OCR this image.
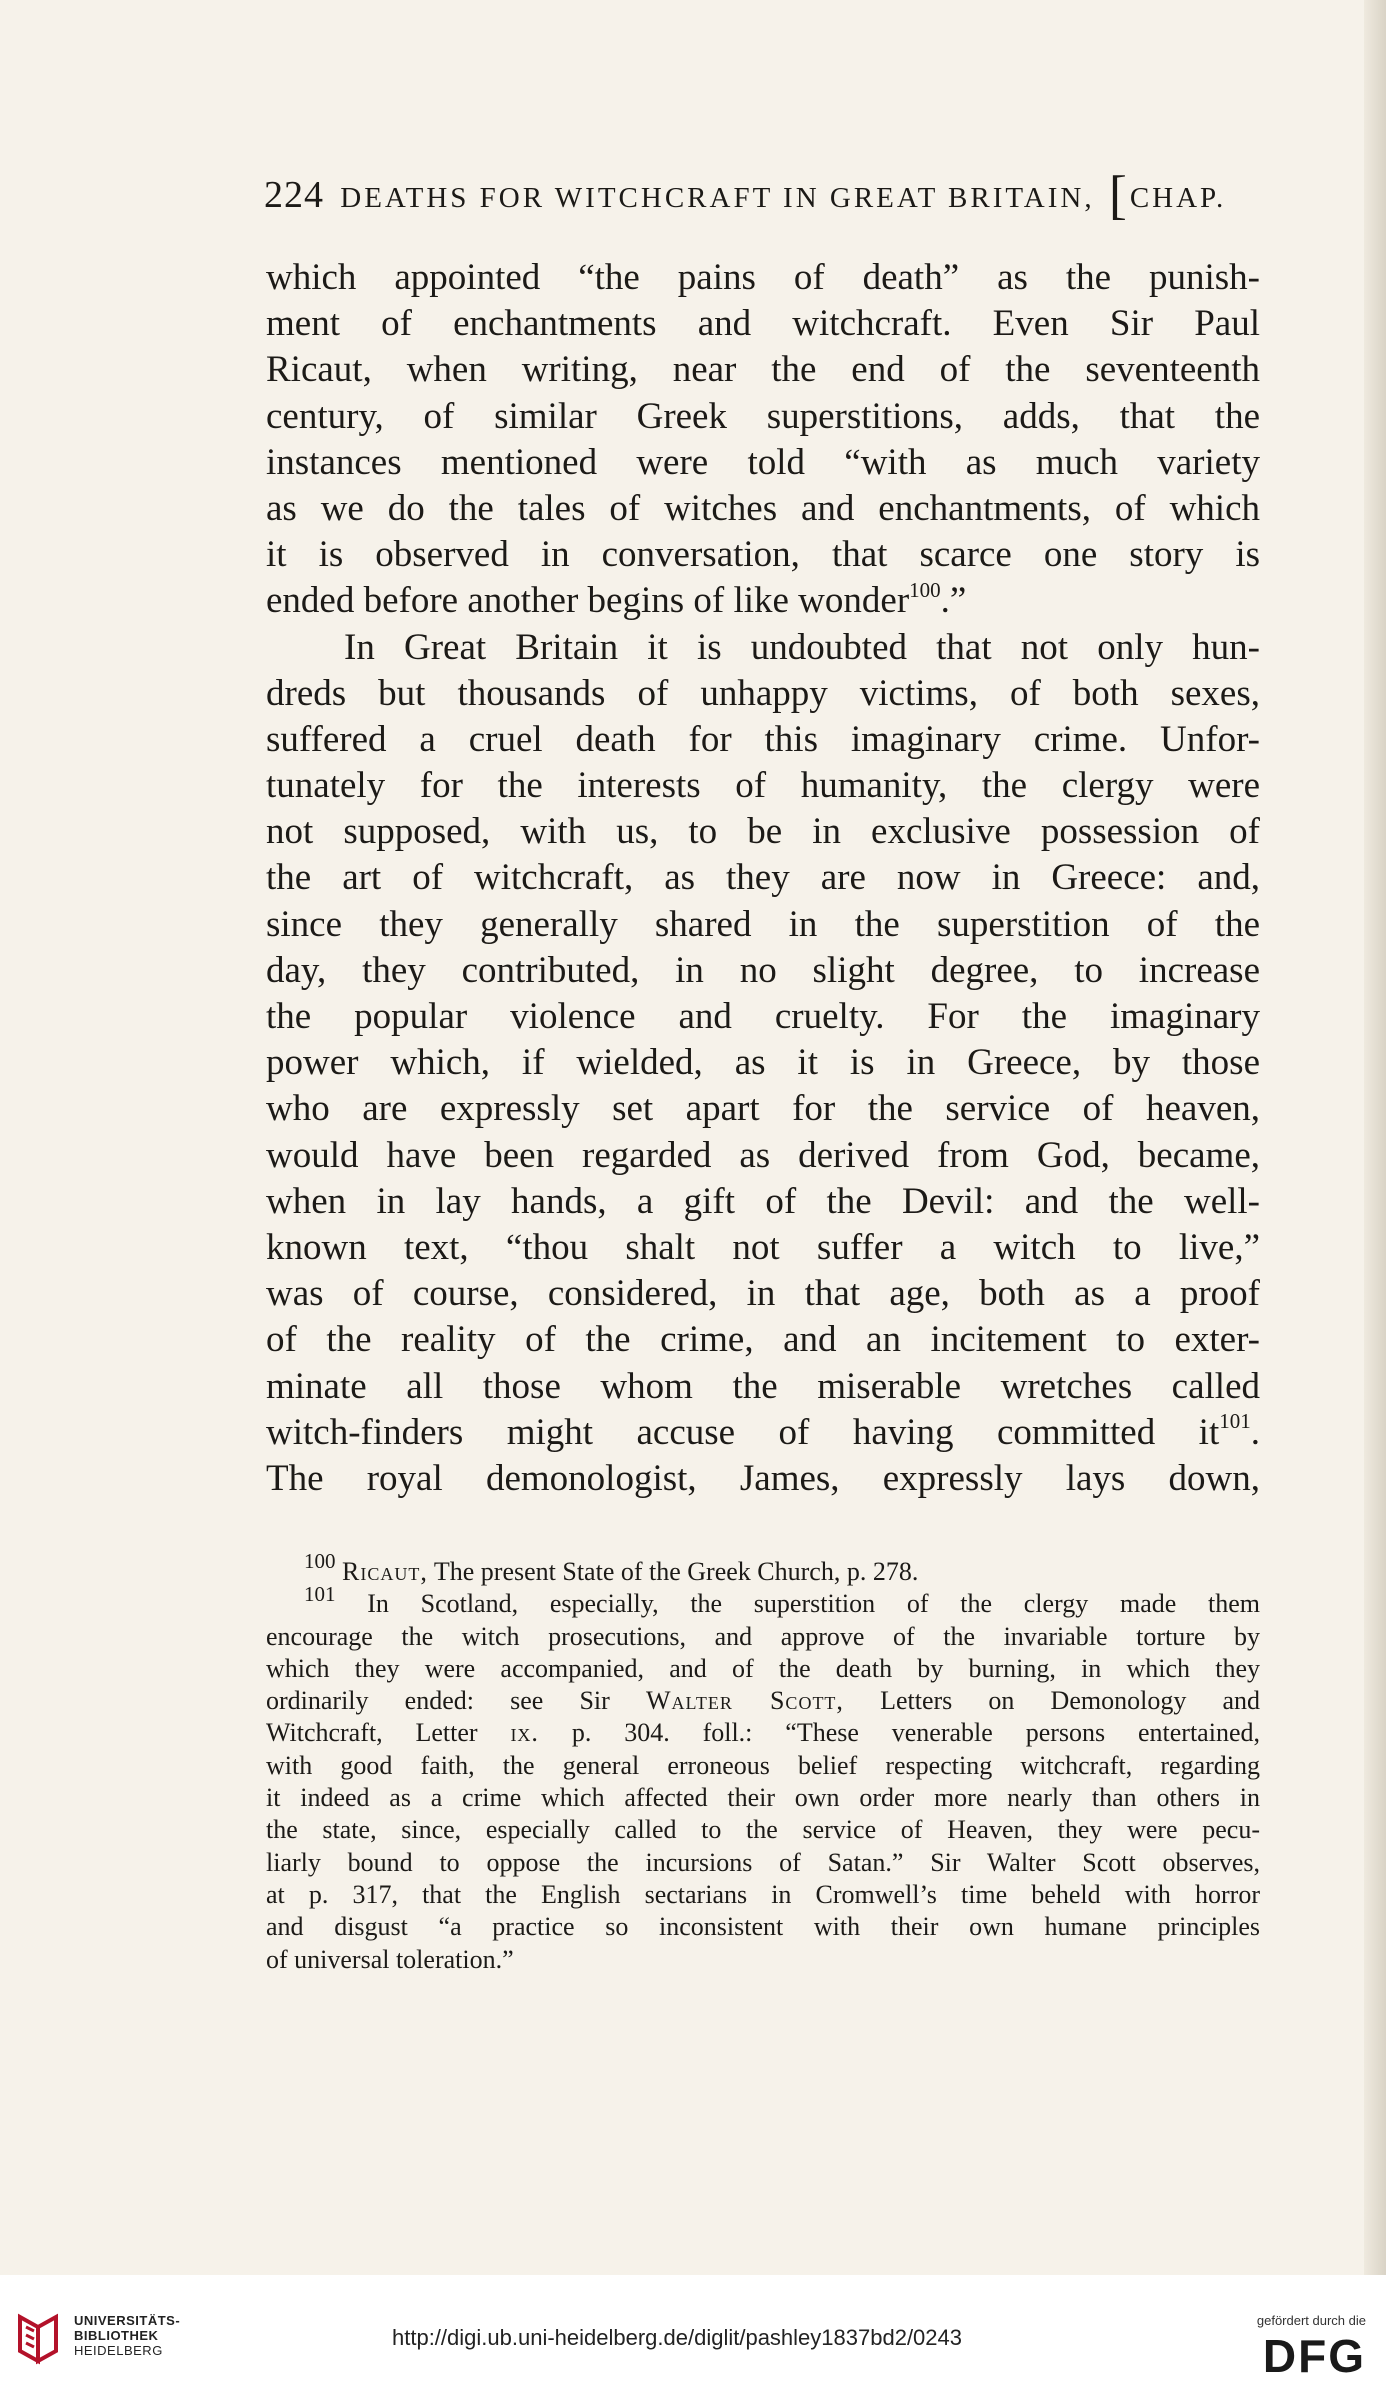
224 DEATHS FOR WITCHCRAFT IN GREAT BRITAIN, [CHAP.
which appointed “the pains of death” as the punish-
ment of enchantments and witchcraft. Even Sir Paul
Ricaut, when writing, near the end of the seventeenth
century, of similar Greek superstitions, adds, that the
instances mentioned were told “with as much variety
as we do the tales of witches and enchantments, of which
it is observed in conversation, that scarce one story is
ended before another begins of like wonder$^{100}$.”
In Great Britain it is undoubted that not only hun-
dreds but thousands of unhappy victims, of both sexes,
suffered a cruel death for this imaginary crime. Unfor-
tunately for the interests of humanity, the clergy were
not supposed, with us, to be in exclusive possession of
the art of witchcraft, as they are now in Greece: and,
since they generally shared in the superstition of the
day, they contributed, in no slight degree, to increase
the popular violence and cruelty. For the imaginary
power which, if wielded, as it is in Greece, by those
who are expressly set apart for the service of heaven,
would have been regarded as derived from God, became,
when in lay hands, a gift of the Devil: and the well-
known text, “thou shalt not suffer a witch to live,”
was of course, considered, in that age, both as a proof
of the reality of the crime, and an incitement to exter-
minate all those whom the miserable wretches called
witch-finders might accuse of having committed $it^{101}$.
The royal demonologist, James, expressly lays down,
$^{100}$ Ricaut, The present State of the Greek Church, p. 278.
$^{101}$ In Scotland, especially, the superstition of the clergy made them
encourage the witch prosecutions, and approve of the invariable torture by
which they were accompanied, and of the death by burning, in which they
ordinarily ended: see Sir Walter Scott, Letters on Demonology and
Witchcraft, Letter ix. p. 304. foll.: “These venerable persons entertained,
with good faith, the general erroneous belief respecting witchcraft, regarding
it indeed as a crime which affected their own order more nearly than others in
the state, since, especially called to the service of Heaven, they were pecu-
liarly bound to oppose the incursions of Satan.” Sir Walter Scott observes,
at p. 317, that the English sectarians in Cromwell’s time beheld with horror
and disgust “a practice so inconsistent with their own humane principles
of universal toleration.”
UNIVERSITÄTS-
BIBLIOTHEK
HEIDELBERG
http://digi.ub.uni-heidelberg.de/diglit/pashley1837bd2/0243
gefördert durch die
DFG
